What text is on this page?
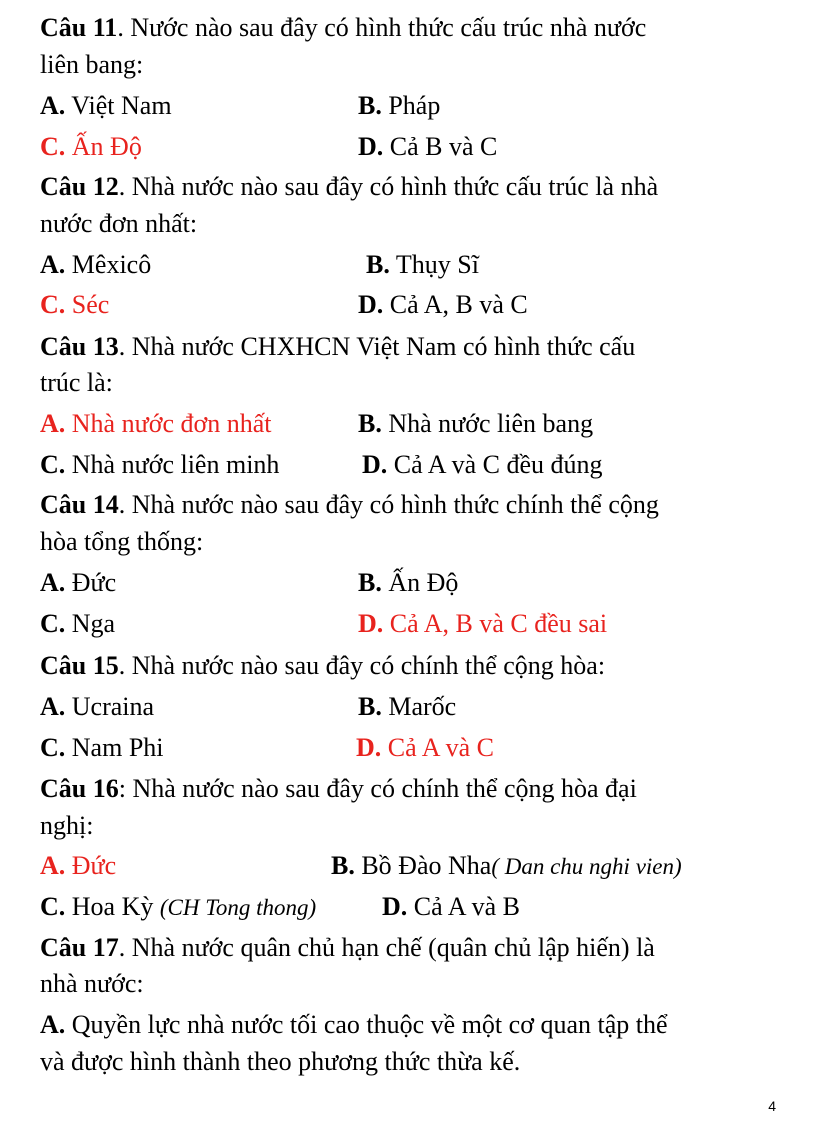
Câu 11. Nước nào sau đây có hình thức cấu trúc nhà nước
liên bang:
A. Việt Nam	B. Pháp
C. Ấn Độ	D. Cả B và C
Câu 12. Nhà nước nào sau đây có hình thức cấu trúc là nhà
nước đơn nhất:
A. Mêxicô	B. Thụy Sĩ
C. Séc	D. Cả A, B và C
Câu 13. Nhà nước CHXHCN Việt Nam có hình thức cấu
trúc là:
A. Nhà nước đơn nhất	B. Nhà nước liên bang
C. Nhà nước liên minh	D. Cả A và C đều đúng
Câu 14. Nhà nước nào sau đây có hình thức chính thể cộng
hòa tổng thống:
A. Đức	B. Ấn Độ
C. Nga	D. Cả A, B và C đều sai
Câu 15. Nhà nước nào sau đây có chính thể cộng hòa:
A. Ucraina	B. Marốc
C. Nam Phi	D. Cả A và C
Câu 16: Nhà nước nào sau đây có chính thể cộng hòa đại
nghị:
A. Đức	B. Bồ Đào Nha( Dan chu nghi vien)
C. Hoa Kỳ (CH Tong thong)	D. Cả A và B
Câu 17. Nhà nước quân chủ hạn chế (quân chủ lập hiến) là
nhà nước:
A. Quyền lực nhà nước tối cao thuộc về một cơ quan tập thể
và được hình thành theo phương thức thừa kế.
4
